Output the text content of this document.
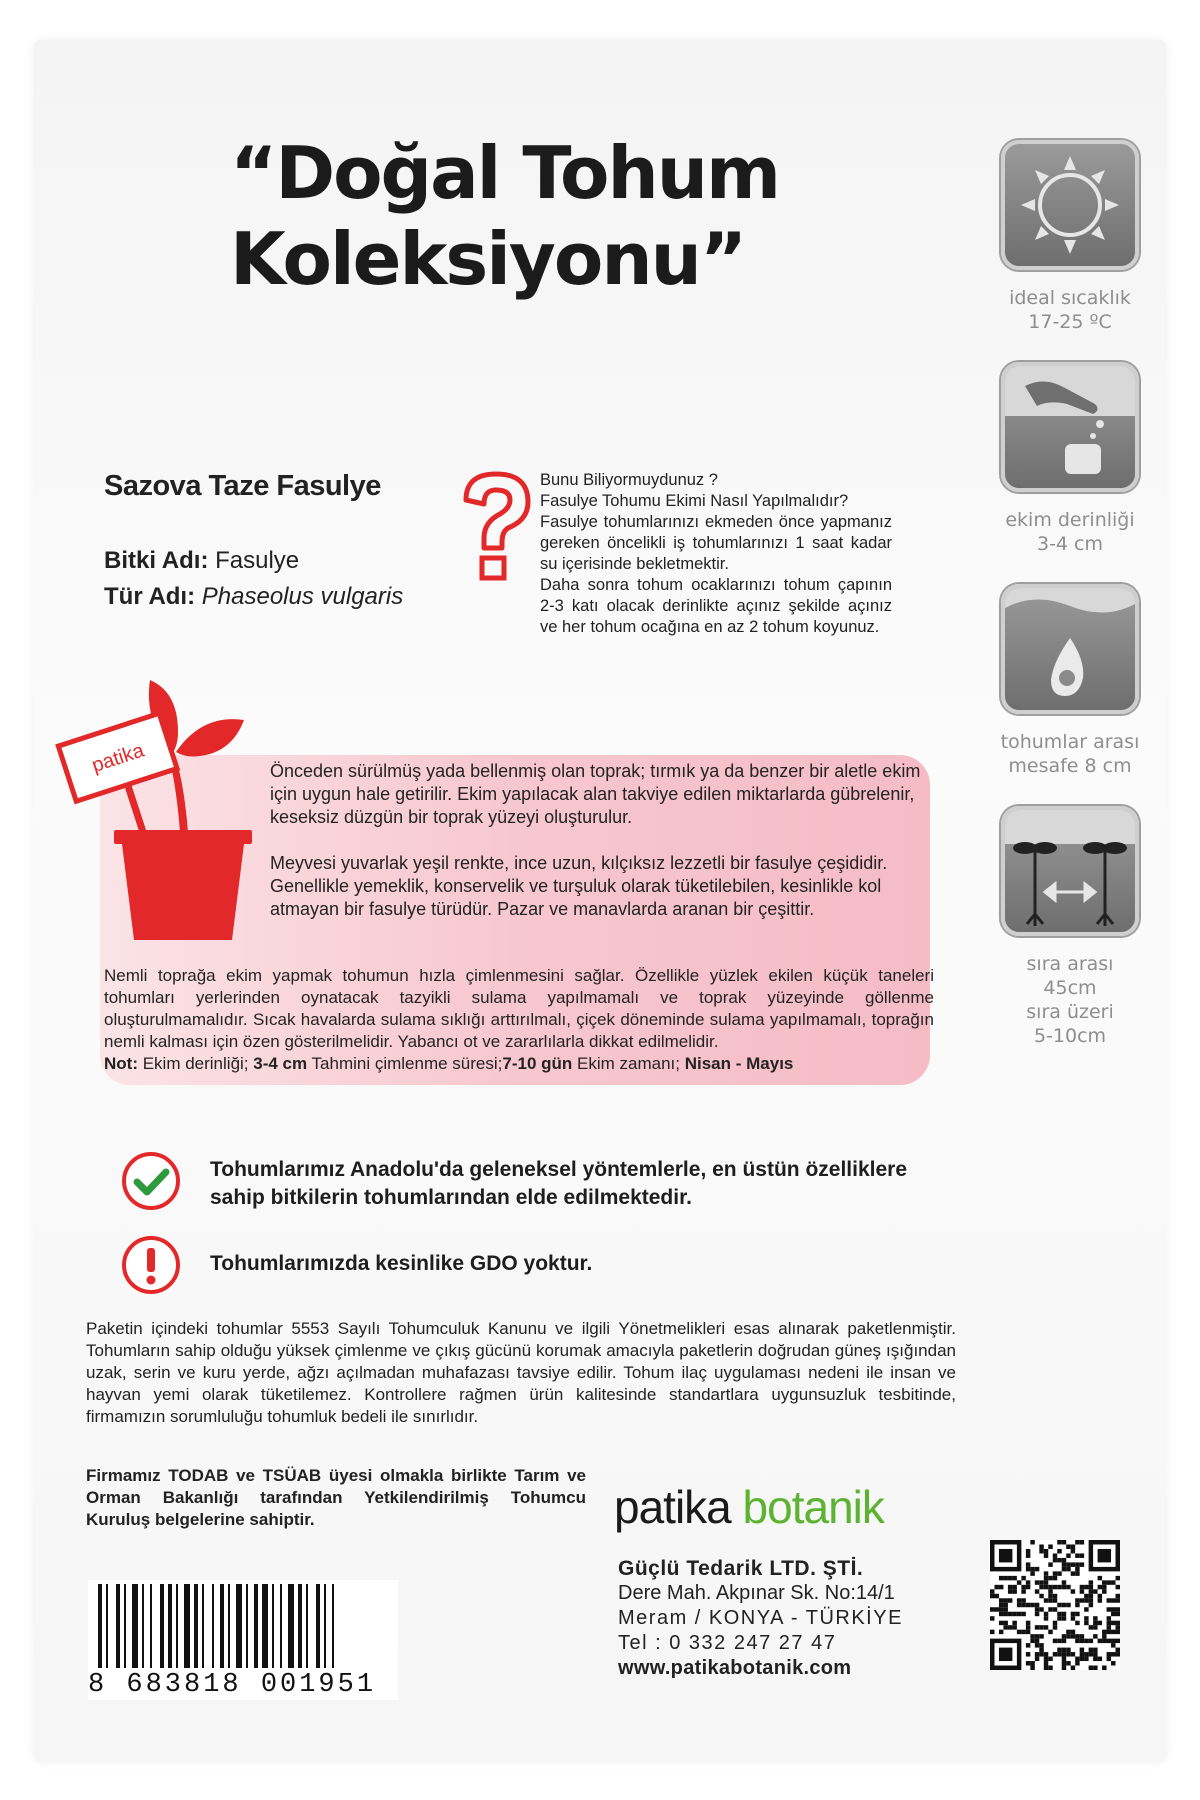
“Doğal Tohum
Koleksiyonu”	ideal sıcaklık
17-25 ºC
ekim derinliği
3-4 cm
tohumlar arası
mesafe 8 cm
sıra arası
45cm
sıra üzeri
5-10cm
Sazova Taze Fasulye
Bitki Adı: Fasulye
Tür Adı: Phaseolus vulgaris
Bunu Biliyormuydunuz ?
Fasulye Tohumu Ekimi Nasıl Yapılmalıdır?
Fasulye tohumlarınızı ekmeden önce yapmanız gereken öncelikli iş tohumlarınızı 1 saat kadar su içerisinde bekletmektir.
Daha sonra tohum ocaklarınızı tohum çapının 2-3 katı olacak derinlikte açınız şekilde açınız ve her tohum ocağına en az 2 tohum koyunuz.
patika	Önceden sürülmüş yada bellenmiş olan toprak; tırmık ya da benzer bir aletle ekim için uygun hale getirilir. Ekim yapılacak alan takviye edilen miktarlarda gübrelenir, keseksiz düzgün bir toprak yüzeyi oluşturulur.

Meyvesi yuvarlak yeşil renkte, ince uzun, kılçıksız lezzetli bir fasulye çeşididir. Genellikle yemeklik, konservelik ve turşuluk olarak tüketilebilen, kesinlikle kol atmayan bir fasulye türüdür. Pazar ve manavlarda aranan bir çeşittir.

Nemli toprağa ekim yapmak tohumun hızla çimlenmesini sağlar. Özellikle yüzlek ekilen küçük taneleri tohumları yerlerinden oynatacak tazyikli sulama yapılmamalı ve toprak yüzeyinde göllenme oluşturulmamalıdır. Sıcak havalarda sulama sıklığı arttırılmalı, çiçek döneminde sulama yapılmamalı, toprağın nemli kalması için özen gösterilmelidir. Yabancı ot ve zararlılarla dikkat edilmelidir.
Not: Ekim derinliği; 3-4 cm Tahmini çimlenme süresi;7-10 gün Ekim zamanı; Nisan - Mayıs
Tohumlarımız Anadolu'da geleneksel yöntemlerle, en üstün özelliklere sahip bitkilerin tohumlarından elde edilmektedir.
Tohumlarımızda kesinlike GDO yoktur.
Paketin içindeki tohumlar 5553 Sayılı Tohumculuk Kanunu ve ilgili Yönetmelikleri esas alınarak paketlenmiştir. Tohumların sahip olduğu yüksek çimlenme ve çıkış gücünü korumak amacıyla paketlerin doğrudan güneş ışığından uzak, serin ve kuru yerde, ağzı açılmadan muhafazası tavsiye edilir. Tohum ilaç uygulaması nedeni ile insan ve hayvan yemi olarak tüketilemez. Kontrollere rağmen ürün kalitesinde standartlara uygunsuzluk tesbitinde, firmamızın sorumluluğu tohumluk bedeli ile sınırlıdır.
Firmamız TODAB ve TSÜAB üyesi olmakla birlikte Tarım ve Orman Bakanlığı tarafından Yetkilendirilmiş Tohumcu Kuruluş belgelerine sahiptir.	patika botanik
Güçlü Tedarik LTD. ŞTİ.
Dere Mah. Akpınar Sk. No:14/1
Meram / KONYA - TÜRKİYE
Tel : 0 332 247 27 47
www.patikabotanik.com
8 683818 001951
